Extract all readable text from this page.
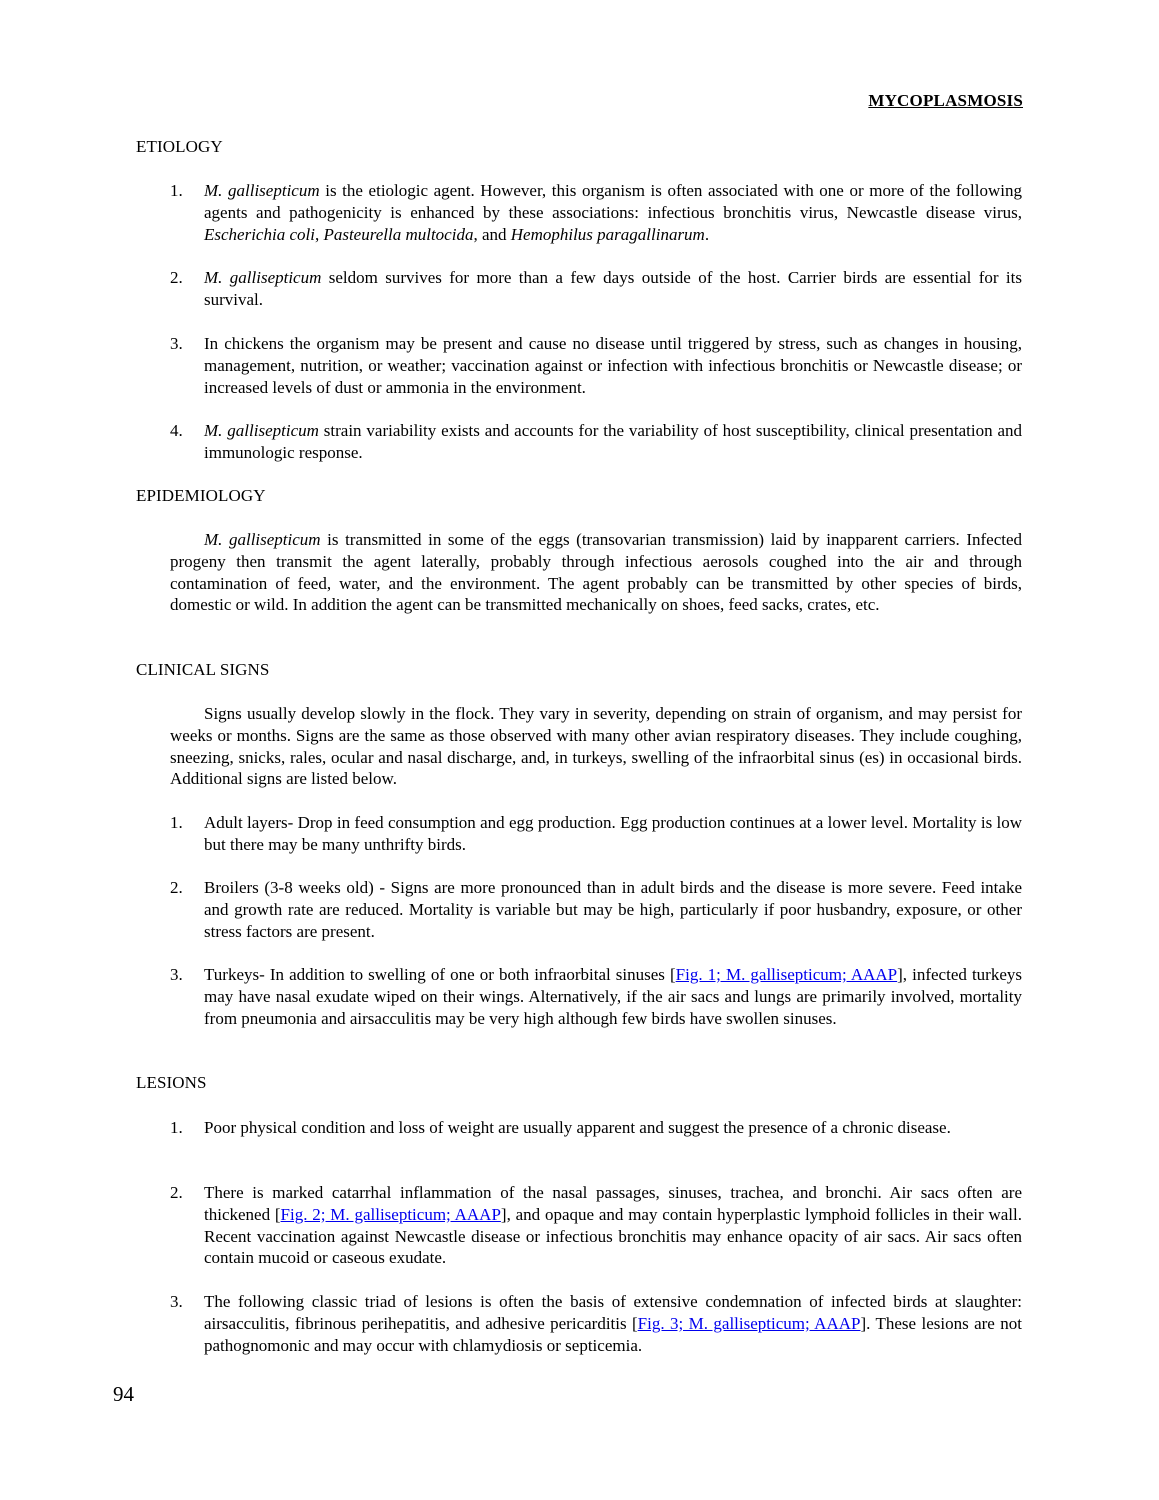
MYCOPLASMOSIS
ETIOLOGY
1.	M. gallisepticum is the etiologic agent. However, this organism is often associated with one or more of the following agents and pathogenicity is enhanced by these associations: infectious bronchitis virus, Newcastle disease virus, Escherichia coli, Pasteurella multocida, and Hemophilus paragallinarum.
2.	M. gallisepticum seldom survives for more than a few days outside of the host. Carrier birds are essential for its survival.
3.	In chickens the organism may be present and cause no disease until triggered by stress, such as changes in housing, management, nutrition, or weather; vaccination against or infection with infectious bronchitis or Newcastle disease; or increased levels of dust or ammonia in the environment.
4.	M. gallisepticum strain variability exists and accounts for the variability of host susceptibility, clinical presentation and immunologic response.
EPIDEMIOLOGY
M. gallisepticum is transmitted in some of the eggs (transovarian transmission) laid by inapparent carriers. Infected progeny then transmit the agent laterally, probably through infectious aerosols coughed into the air and through contamination of feed, water, and the environment. The agent probably can be transmitted by other species of birds, domestic or wild. In addition the agent can be transmitted mechanically on shoes, feed sacks, crates, etc.
CLINICAL SIGNS
Signs usually develop slowly in the flock. They vary in severity, depending on strain of organism, and may persist for weeks or months. Signs are the same as those observed with many other avian respiratory diseases. They include coughing, sneezing, snicks, rales, ocular and nasal discharge, and, in turkeys, swelling of the infraorbital sinus (es) in occasional birds. Additional signs are listed below.
1.	Adult layers- Drop in feed consumption and egg production. Egg production continues at a lower level. Mortality is low but there may be many unthrifty birds.
2.	Broilers (3-8 weeks old) - Signs are more pronounced than in adult birds and the disease is more severe. Feed intake and growth rate are reduced. Mortality is variable but may be high, particularly if poor husbandry, exposure, or other stress factors are present.
3.	Turkeys- In addition to swelling of one or both infraorbital sinuses [Fig. 1; M. gallisepticum; AAAP], infected turkeys may have nasal exudate wiped on their wings. Alternatively, if the air sacs and lungs are primarily involved, mortality from pneumonia and airsacculitis may be very high although few birds have swollen sinuses.
LESIONS
1.	Poor physical condition and loss of weight are usually apparent and suggest the presence of a chronic disease.
2.	There is marked catarrhal inflammation of the nasal passages, sinuses, trachea, and bronchi. Air sacs often are thickened [Fig. 2; M. gallisepticum; AAAP], and opaque and may contain hyperplastic lymphoid follicles in their wall. Recent vaccination against Newcastle disease or infectious bronchitis may enhance opacity of air sacs. Air sacs often contain mucoid or caseous exudate.
3.	The following classic triad of lesions is often the basis of extensive condemnation of infected birds at slaughter: airsacculitis, fibrinous perihepatitis, and adhesive pericarditis [Fig. 3; M. gallisepticum; AAAP]. These lesions are not pathognomonic and may occur with chlamydiosis or septicemia.
94
